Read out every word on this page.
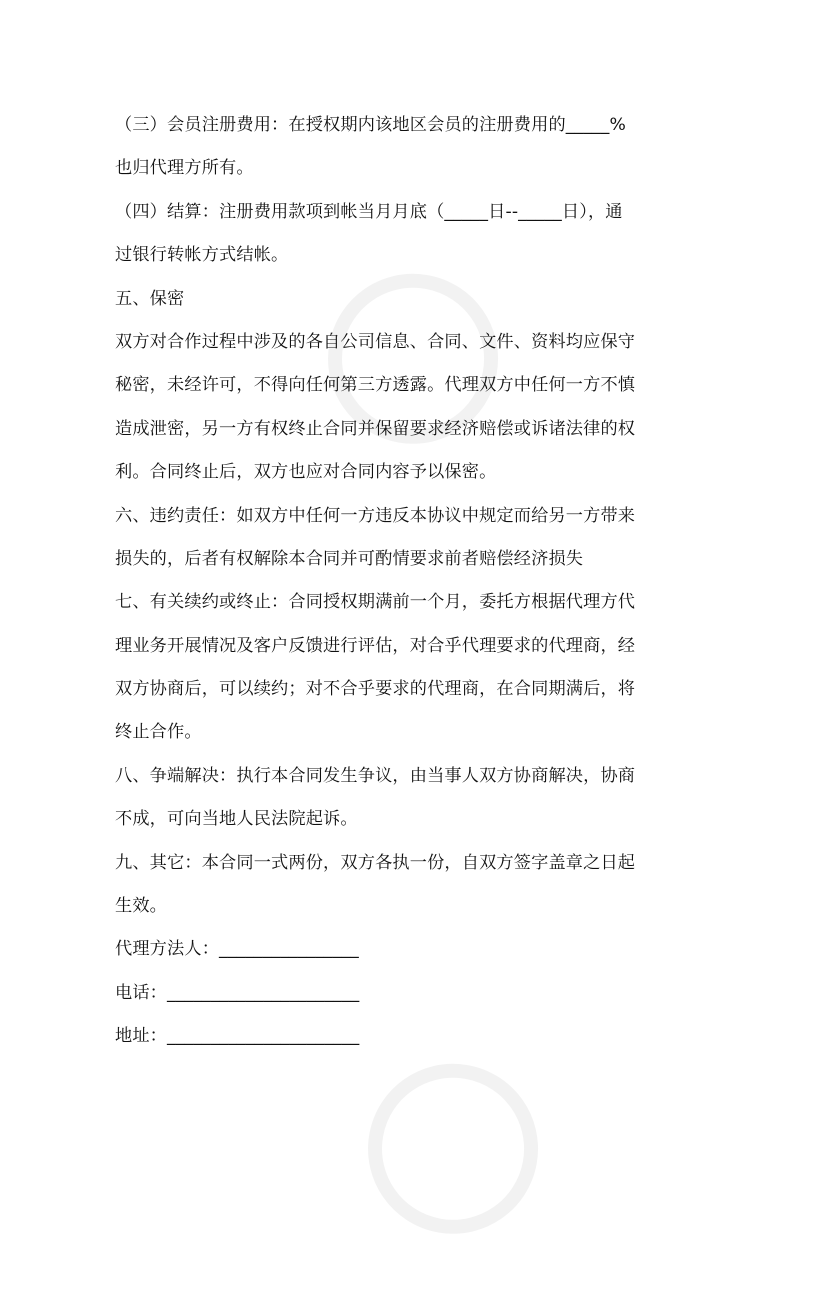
（三）会员注册费用：在授权期内该地区会员的注册费用的_____%
也归代理方所有。
（四）结算：注册费用款项到帐当月月底（_____日--_____日），通
过银行转帐方式结帐。
五、保密
双方对合作过程中涉及的各自公司信息、合同、文件、资料均应保守
秘密，未经许可，不得向任何第三方透露。代理双方中任何一方不慎
造成泄密，另一方有权终止合同并保留要求经济赔偿或诉诸法律的权
利。合同终止后，双方也应对合同内容予以保密。
六、违约责任：如双方中任何一方违反本协议中规定而给另一方带来
损失的，后者有权解除本合同并可酌情要求前者赔偿经济损失
七、有关续约或终止：合同授权期满前一个月，委托方根据代理方代
理业务开展情况及客户反馈进行评估，对合乎代理要求的代理商，经
双方协商后，可以续约；对不合乎要求的代理商，在合同期满后，将
终止合作。
八、争端解决：执行本合同发生争议，由当事人双方协商解决，协商
不成，可向当地人民法院起诉。
九、其它：本合同一式两份，双方各执一份，自双方签字盖章之日起
生效。
代理方法人：________________
电话：______________________
地址：______________________
